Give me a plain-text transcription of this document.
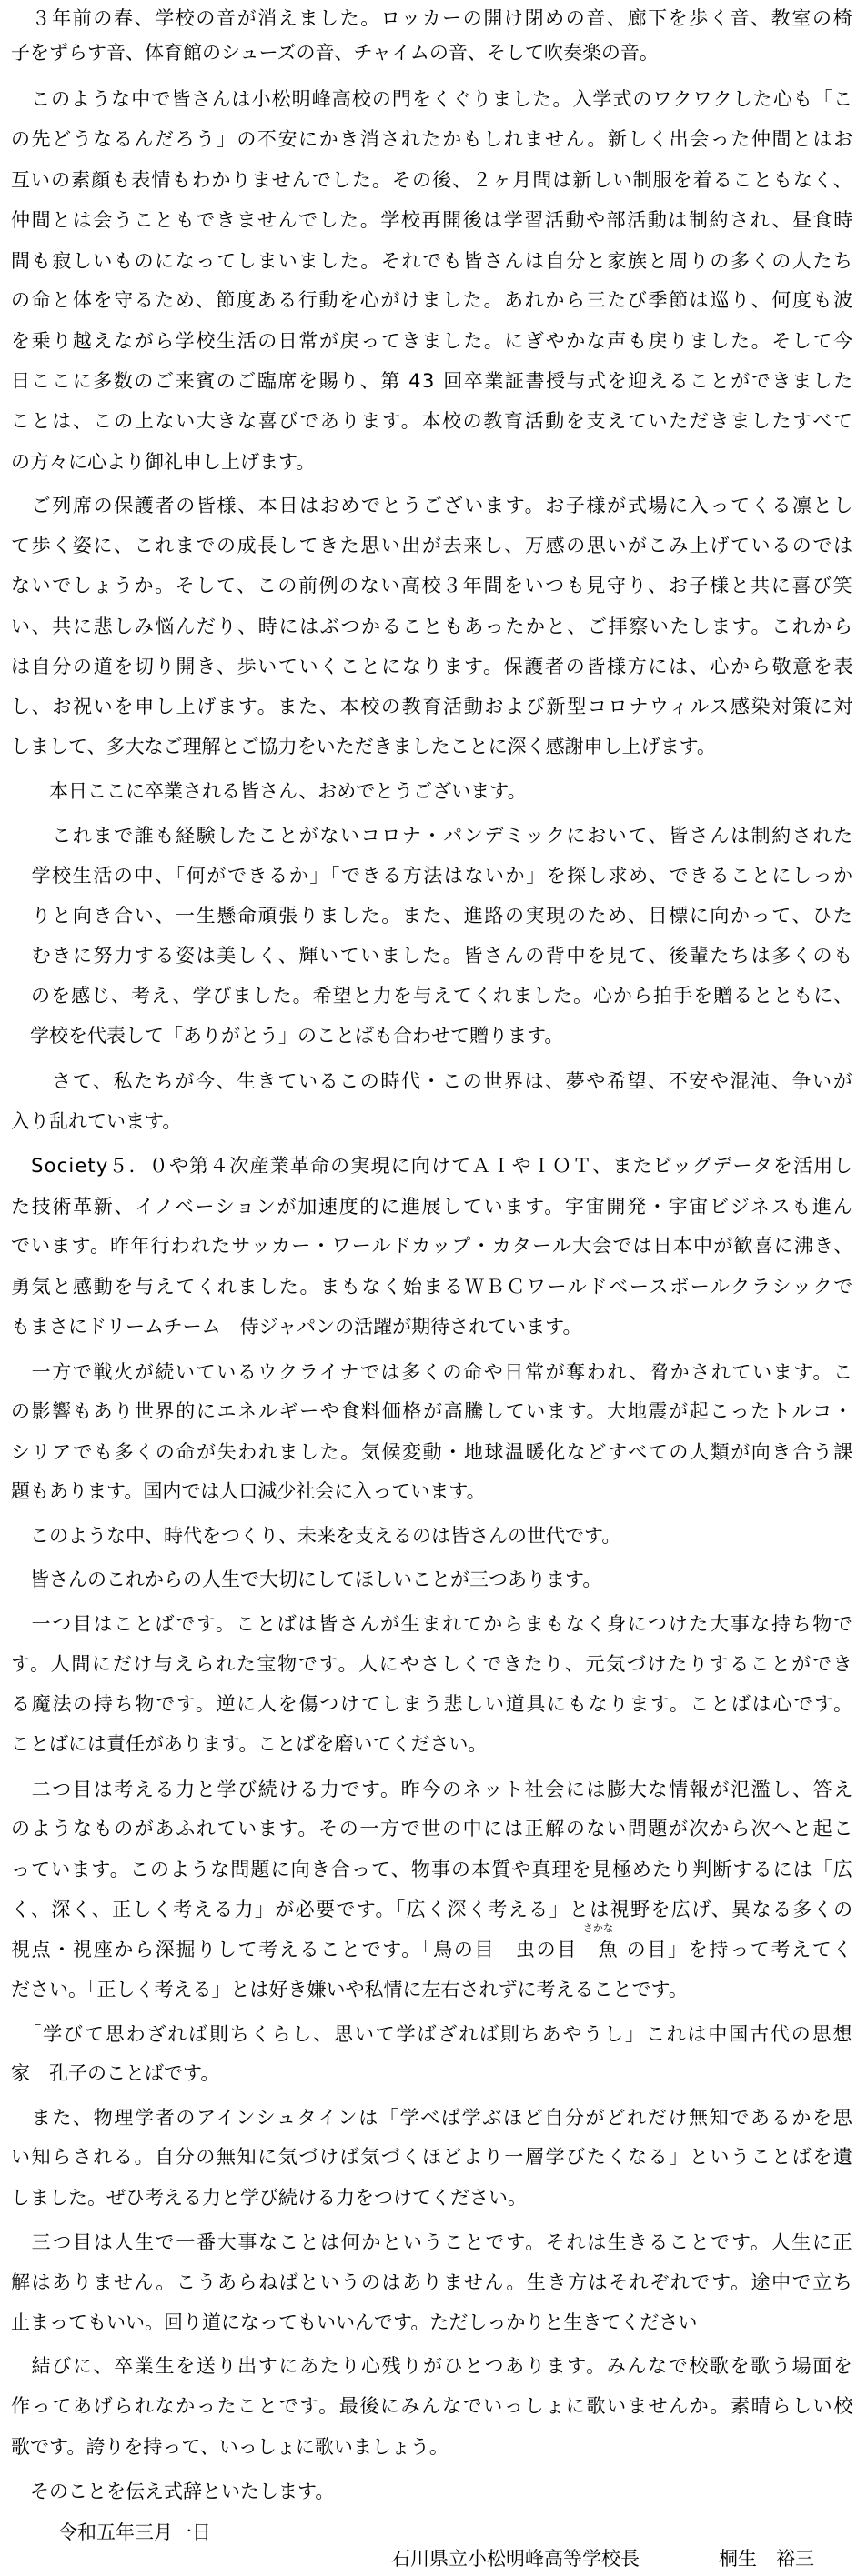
　３年前の春、学校の音が消えました。ロッカーの開け閉めの音、廊下を歩く音、教室の椅

子をずらす音、体育館のシューズの音、チャイムの音、そして吹奏楽の音。

　このような中で皆さんは小松明峰高校の門をくぐりました。入学式のワクワクした心も「こ

の先どうなるんだろう」の不安にかき消されたかもしれません。新しく出会った仲間とはお

互いの素顔も表情もわかりませんでした。その後、２ヶ月間は新しい制服を着ることもなく、

仲間とは会うこともできませんでした。学校再開後は学習活動や部活動は制約され、昼食時

間も寂しいものになってしまいました。それでも皆さんは自分と家族と周りの多くの人たち

の命と体を守るため、節度ある行動を心がけました。あれから三たび季節は巡り、何度も波

を乗り越えながら学校生活の日常が戻ってきました。にぎやかな声も戻りました。そして今

日ここに多数のご来賓のご臨席を賜り、第 43 回卒業証書授与式を迎えることができました

ことは、この上ない大きな喜びであります。本校の教育活動を支えていただきましたすべて

の方々に心より御礼申し上げます。

　ご列席の保護者の皆様、本日はおめでとうございます。お子様が式場に入ってくる凛とし

て歩く姿に、これまでの成長してきた思い出が去来し、万感の思いがこみ上げているのでは

ないでしょうか。そして、この前例のない高校３年間をいつも見守り、お子様と共に喜び笑

い、共に悲しみ悩んだり、時にはぶつかることもあったかと、ご拝察いたします。これから

は自分の道を切り開き、歩いていくことになります。保護者の皆様方には、心から敬意を表

し、お祝いを申し上げます。また、本校の教育活動および新型コロナウィルス感染対策に対

しまして、多大なご理解とご協力をいただきましたことに深く感謝申し上げます。

　　本日ここに卒業される皆さん、おめでとうございます。

　　これまで誰も経験したことがないコロナ・パンデミックにおいて、皆さんは制約された

　学校生活の中、「何ができるか」「できる方法はないか」を探し求め、できることにしっか

　りと向き合い、一生懸命頑張りました。また、進路の実現のため、目標に向かって、ひた

　むきに努力する姿は美しく、輝いていました。皆さんの背中を見て、後輩たちは多くのも

　のを感じ、考え、学びました。希望と力を与えてくれました。心から拍手を贈るとともに、

　学校を代表して「ありがとう」のことばも合わせて贈ります。

　　さて、私たちが今、生きているこの時代・この世界は、夢や希望、不安や混沌、争いが

入り乱れています。

　Society５．０や第４次産業革命の実現に向けてＡＩやＩＯＴ、またビッグデータを活用し

た技術革新、イノベーションが加速度的に進展しています。宇宙開発・宇宙ビジネスも進ん

でいます。昨年行われたサッカー・ワールドカップ・カタール大会では日本中が歓喜に沸き、

勇気と感動を与えてくれました。まもなく始まるＷＢＣワールドベースボールクラシックで

もまさにドリームチーム　侍ジャパンの活躍が期待されています。

　一方で戦火が続いているウクライナでは多くの命や日常が奪われ、脅かされています。こ

の影響もあり世界的にエネルギーや食料価格が高騰しています。大地震が起こったトルコ・

シリアでも多くの命が失われました。気候変動・地球温暖化などすべての人類が向き合う課

題もあります。国内では人口減少社会に入っています。

　このような中、時代をつくり、未来を支えるのは皆さんの世代です。

　皆さんのこれからの人生で大切にしてほしいことが三つあります。

　一つ目はことばです。ことばは皆さんが生まれてからまもなく身につけた大事な持ち物で

す。人間にだけ与えられた宝物です。人にやさしくできたり、元気づけたりすることができ

る魔法の持ち物です。逆に人を傷つけてしまう悲しい道具にもなります。ことばは心です。

ことばには責任があります。ことばを磨いてください。

　二つ目は考える力と学び続ける力です。昨今のネット社会には膨大な情報が氾濫し、答え

のようなものがあふれています。その一方で世の中には正解のない問題が次から次へと起こ

っています。このような問題に向き合って、物事の本質や真理を見極めたり判断するには「広

く、深く、正しく考える力」が必要です。「広く深く考える」とは視野を広げ、異なる多くの

視点・視座から深掘りして考えることです。「鳥の目　虫の目　魚 の目」を持って考えてく

ださい。「正しく考える」とは好き嫌いや私情に左右されずに考えることです。

　「学びて思わざれば則ちくらし、思いて学ばざれば則ちあやうし」これは中国古代の思想

家　孔子のことばです。

　また、物理学者のアインシュタインは「学べば学ぶほど自分がどれだけ無知であるかを思

い知らされる。自分の無知に気づけば気づくほどより一層学びたくなる」ということばを遺

しました。ぜひ考える力と学び続ける力をつけてください。

　三つ目は人生で一番大事なことは何かということです。それは生きることです。人生に正

解はありません。こうあらねばというのはありません。生き方はそれぞれです。途中で立ち

止まってもいい。回り道になってもいいんです。ただしっかりと生きてください

　結びに、卒業生を送り出すにあたり心残りがひとつあります。みんなで校歌を歌う場面を

作ってあげられなかったことです。最後にみんなでいっしょに歌いませんか。素晴らしい校

歌です。誇りを持って、いっしょに歌いましょう。

　そのことを伝え式辞といたします。

さかな

令和五年三月一日

石川県立小松明峰高等学校長	桐生　裕三
